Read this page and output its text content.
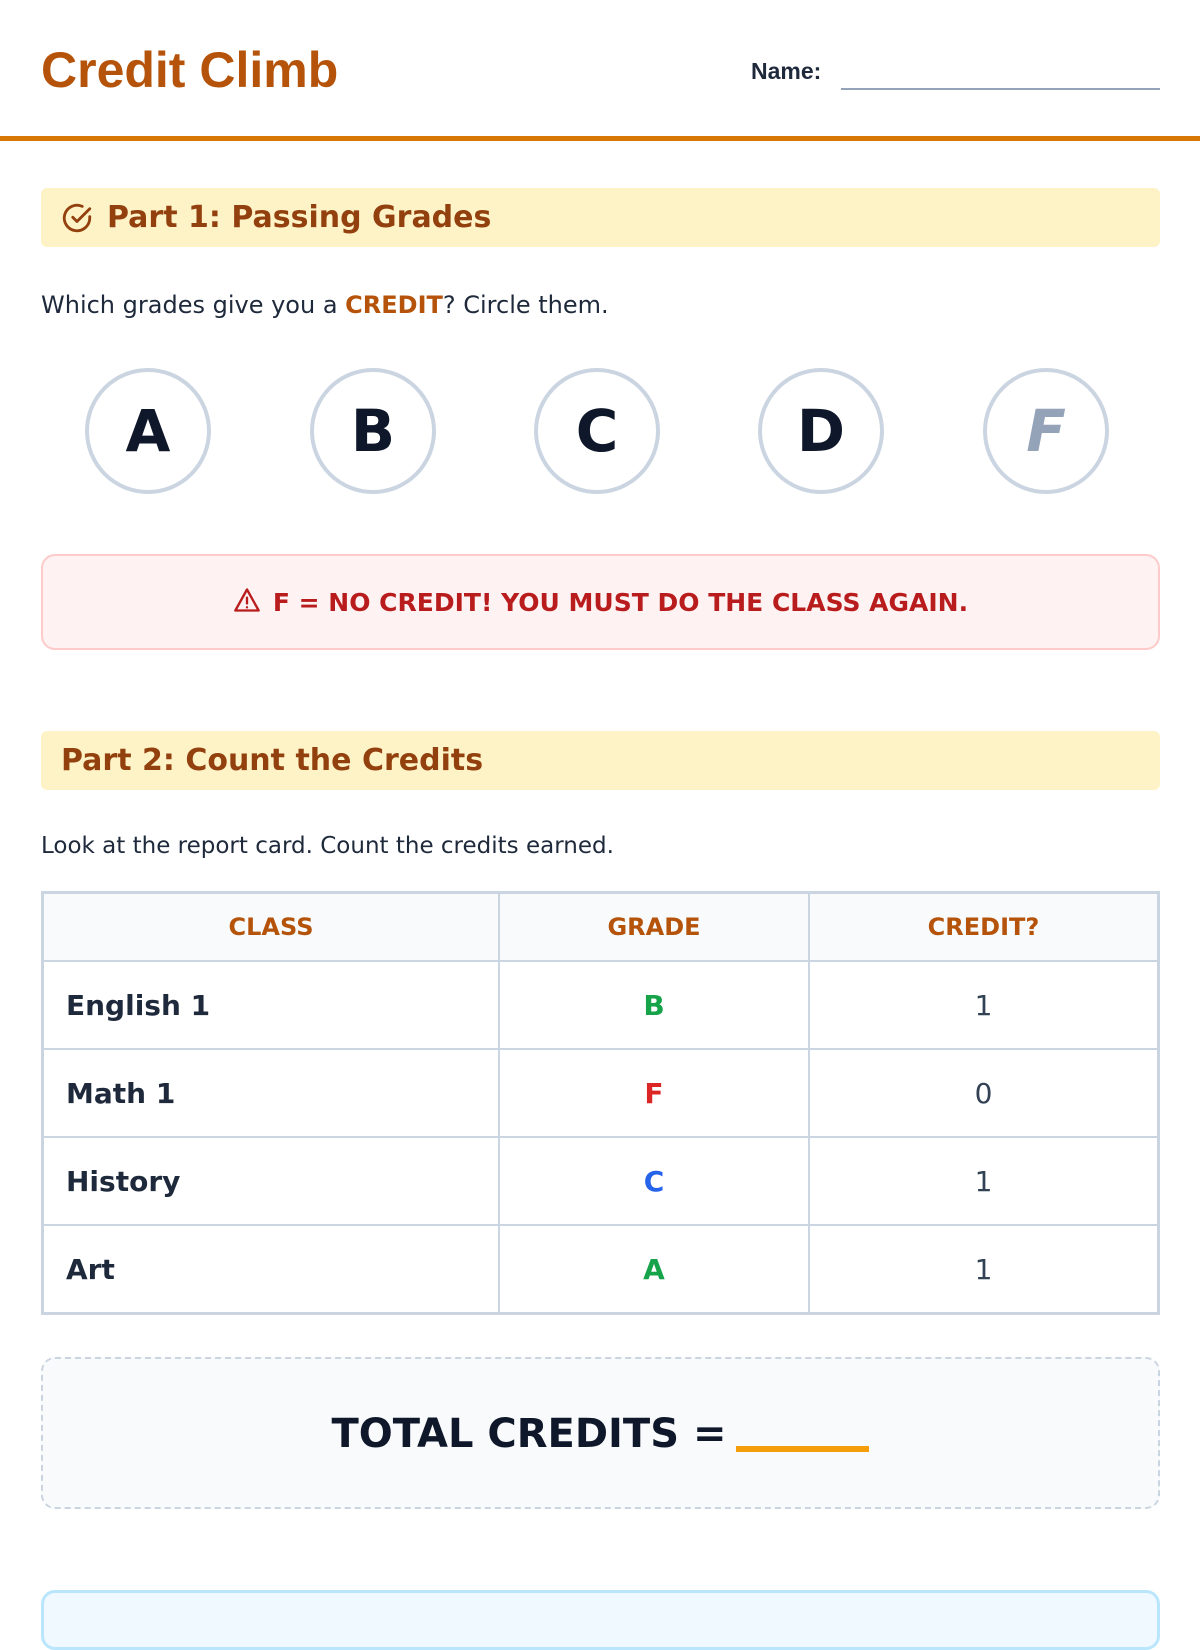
Credit Climb	Name:
Part 1: Passing Grades
Which grades give you a CREDIT? Circle them.
A	B	C	D	F
F = NO CREDIT! YOU MUST DO THE CLASS AGAIN.
Part 2: Count the Credits
Look at the report card. Count the credits earned.
CLASS	GRADE	CREDIT?
English 1	B	1
Math 1	F	0
History	C	1
Art	A	1
TOTAL CREDITS =
